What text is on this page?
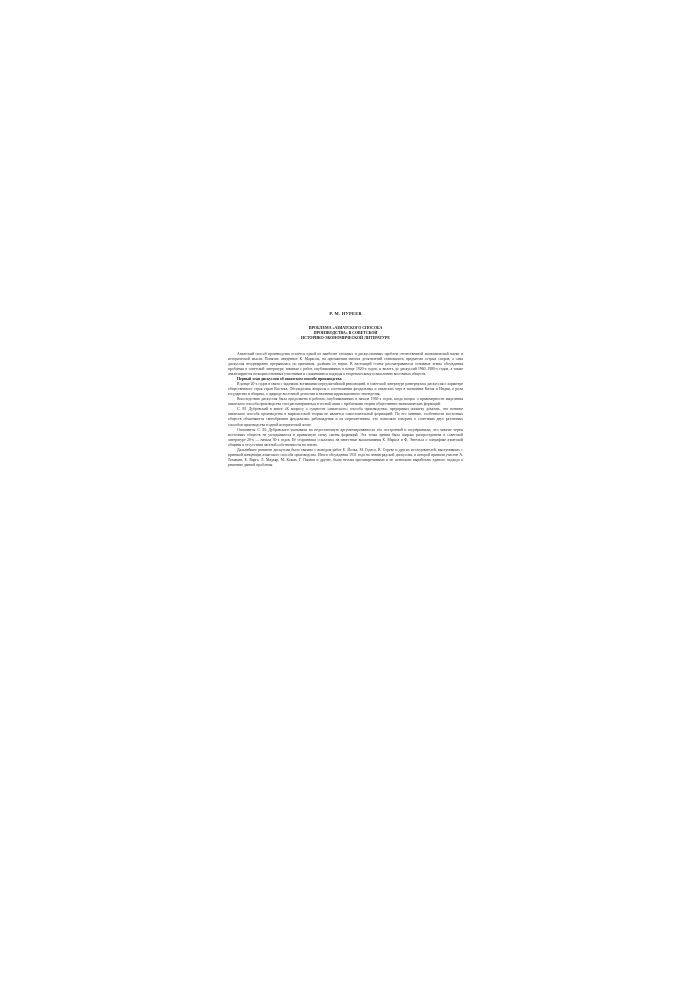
Р. М. НУРЕЕВ
ПРОБЛЕМА «АЗИАТСКОГО СПОСОБА
ПРОИЗВОДСТВА» В СОВЕТСКОЙ
ИСТОРИКО-ЭКОНОМИЧЕСКОЙ ЛИТЕРАТУРЕ

Азиатский способ производства остаётся одной из наиболее сложных и дискуссионных проблем отечественной экономической науки и исторической мысли. Понятие, введённое К. Марксом, на протяжении многих десятилетий становилось предметом острых споров, а сама дискуссия неоднократно прерывалась по причинам, далёким от науки. В настоящей статье рассматриваются основные этапы обсуждения проблемы в советской литературе, начиная с работ, опубликованных в конце 1920-х годов, и вплоть до дискуссий 1960–1980-х годов, а также анализируются позиции основных участников и сложившиеся подходы к теоретическому осмыслению восточных обществ.

Первый этап дискуссии об азиатском способе производства

В конце 20-х годов в связи с задачами, вставшими перед китайской революцией, в советской литературе развернулась дискуссия о характере общественного строя стран Востока. Обсуждались вопросы о соотношении феодальных и азиатских черт в экономике Китая и Индии, о роли государства и общины, о природе восточной деспотии и значении ирригационного земледелия.

Впоследствии дискуссия была продолжена в работах, опубликованных в начале 1930-х годов, когда вопрос о правомерности выделения азиатского способа производства стал рассматриваться в тесной связи с проблемами теории общественно-экономических формаций.

С. М. Дубровский в книге «К вопросу о сущности «азиатского» способа производства» предпринял попытку доказать, что понятие азиатского способа производства в марксистской теории не является самостоятельной формацией. По его мнению, особенности восточных обществ объясняются своеобразием феодализма, рабовладения и их переплетением, что позволяло говорить о сочетании двух различных способов производства в одной исторической эпохе.

Оппоненты С. М. Дубровского указывали на недостаточную аргументированность его построений и подчёркивали, что многие черты восточных обществ не укладываются в привычную схему смены формаций. Эта точка зрения была широко распространена в советской литературе 20-х — начала 30-х годов. Её сторонники ссылались на известные высказывания К. Маркса и Ф. Энгельса о специфике азиатской общины и отсутствии частной собственности на землю.

Дальнейшее развитие дискуссии было связано с выходом работ Е. Йолка, М. Годеса, В. Струве и других исследователей, выступивших с критикой концепции азиатского способа производства. Итоги обсуждения 1931 года на ленинградской дискуссии, в которой приняли участие А. Ломакин, Е. Варга, Л. Мадьяр, М. Кокин, Г. Папаян и другие, были весьма противоречивыми и не позволили выработать единого подхода к решению данной проблемы.
